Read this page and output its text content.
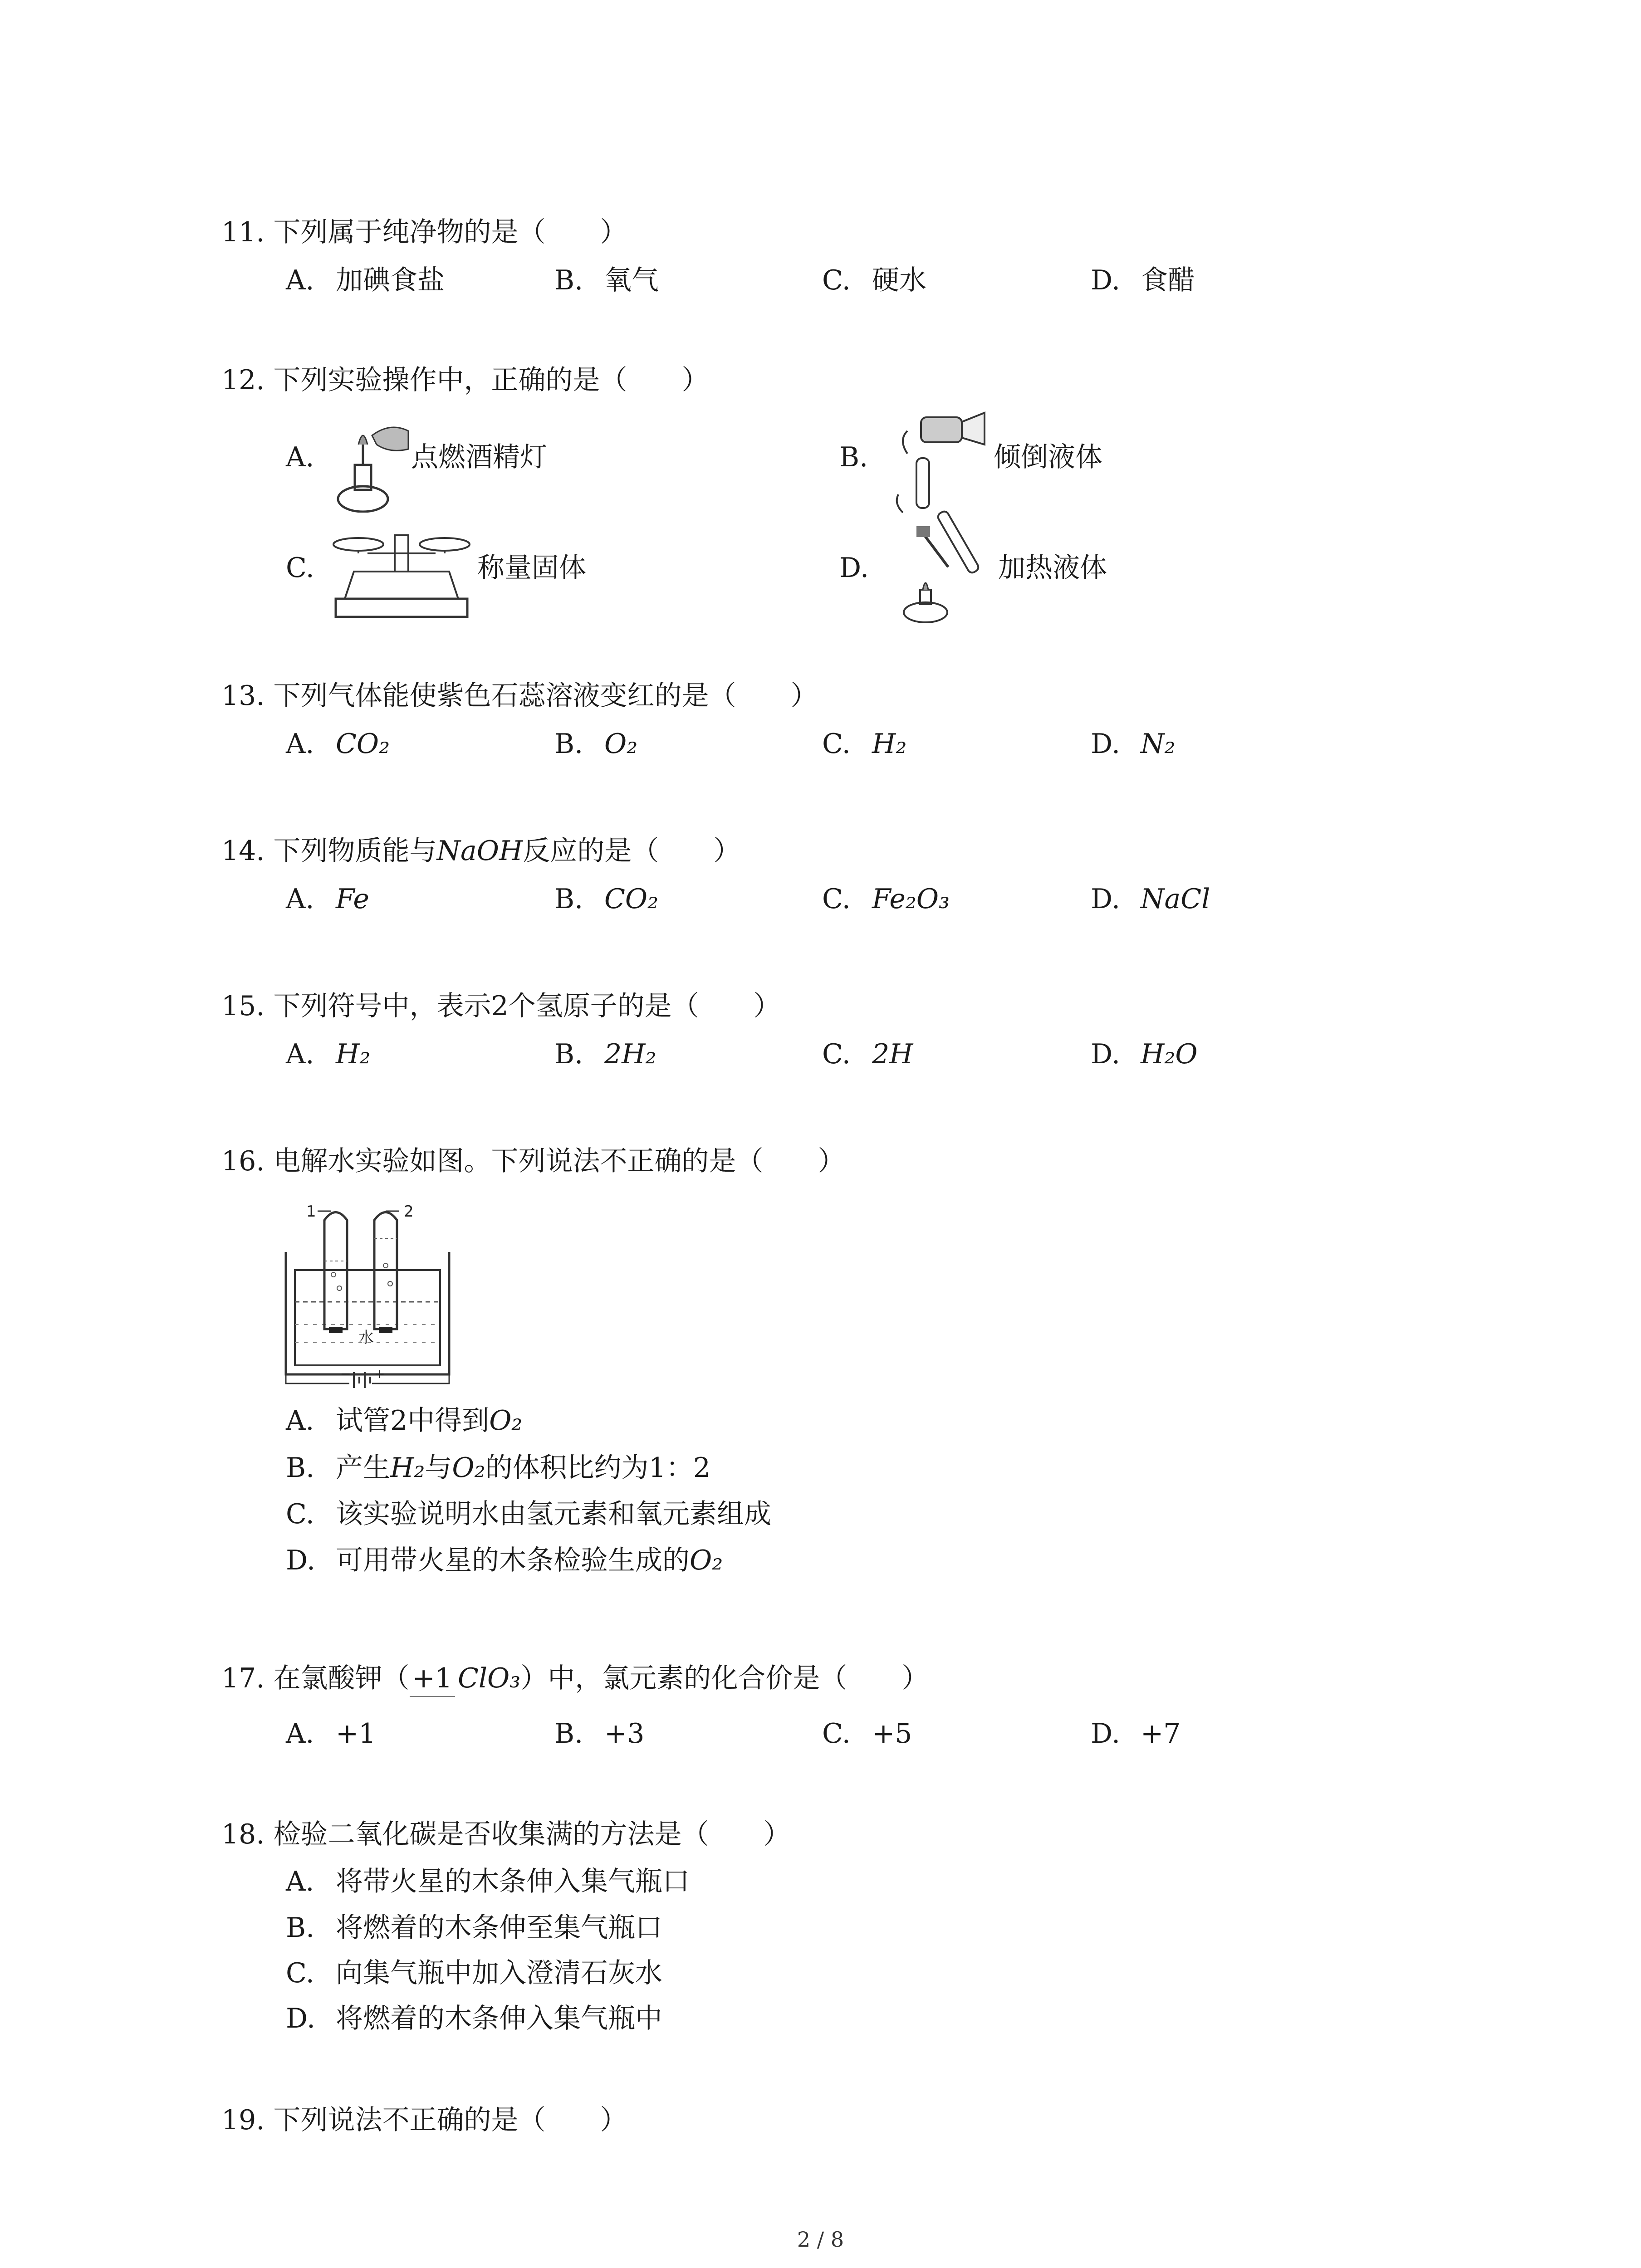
11. 下列属于纯净物的是（　　）
A. 加碘食盐	B. 氧气	C. 硬水	D. 食醋
12. 下列实验操作中，正确的是（　　）
A.	点燃酒精灯	B.	倾倒液体
C.	称量固体	D.	加热液体
13. 下列气体能使紫色石蕊溶液变红的是（　　）
A. CO₂	B. O₂	C. H₂	D. N₂
14. 下列物质能与NaOH反应的是（　　）
A. Fe	B. CO₂	C. Fe₂O₃	D. NaCl
15. 下列符号中，表示2个氢原子的是（　　）
A. H₂	B. 2H₂	C. 2H	D. H₂O
16. 电解水实验如图。下列说法不正确的是（　　）
1	2
水
− +
A. 试管2中得到O₂
B. 产生H₂与O₂的体积比约为1：2
C. 该实验说明水由氢元素和氧元素组成
D. 可用带火星的木条检验生成的O₂
17. 在氯酸钾（ +1 ClO₃）中，氯元素的化合价是（　　）
A. +1	B. +3	C. +5	D. +7
18. 检验二氧化碳是否收集满的方法是（　　）
A. 将带火星的木条伸入集气瓶口
B. 将燃着的木条伸至集气瓶口
C. 向集气瓶中加入澄清石灰水
D. 将燃着的木条伸入集气瓶中
19. 下列说法不正确的是（　　）
2 / 8
